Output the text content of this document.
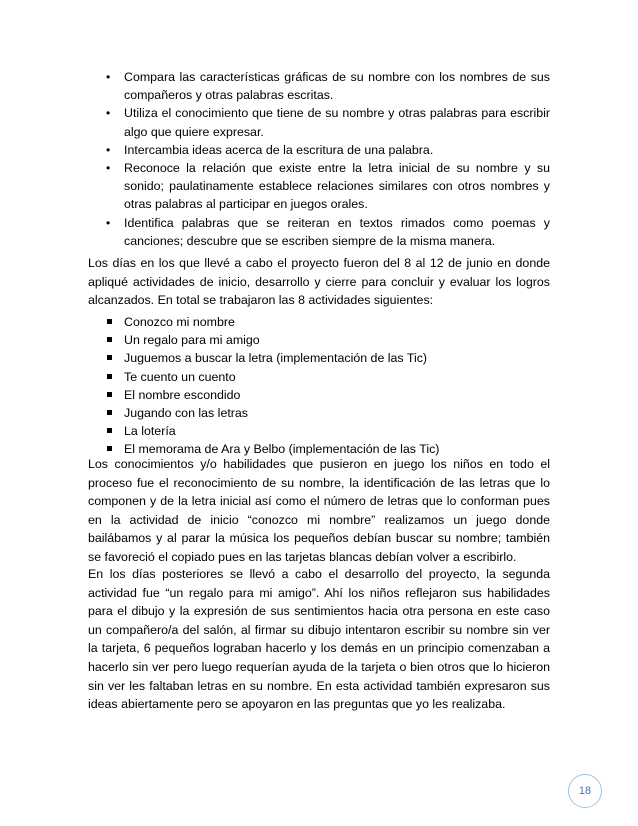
• Compara las características gráficas de su nombre con los nombres de sus compañeros y otras palabras escritas.
• Utiliza el conocimiento que tiene de su nombre y otras palabras para escribir algo que quiere expresar.
• Intercambia ideas acerca de la escritura de una palabra.
• Reconoce la relación que existe entre la letra inicial de su nombre y su sonido; paulatinamente establece relaciones similares con otros nombres y otras palabras al participar en juegos orales.
• Identifica palabras que se reiteran en textos rimados como poemas y canciones; descubre que se escriben siempre de la misma manera.

Los días en los que llevé a cabo el proyecto fueron del 8 al 12 de junio en donde apliqué actividades de inicio, desarrollo y cierre para concluir y evaluar los logros alcanzados. En total se trabajaron las 8 actividades siguientes:

Conozco mi nombre
Un regalo para mi amigo
Juguemos a buscar la letra (implementación de las Tic)
Te cuento un cuento
El nombre escondido
Jugando con las letras
La lotería
El memorama de Ara y Belbo (implementación de las Tic)

Los conocimientos y/o habilidades que pusieron en juego los niños en todo el proceso fue el reconocimiento de su nombre, la identificación de las letras que lo componen y de la letra inicial así como el número de letras que lo conforman pues en la actividad de inicio “conozco mi nombre” realizamos un juego donde bailábamos y al parar la música los pequeños debían buscar su nombre; también se favoreció el copiado pues en las tarjetas blancas debían volver a escribirlo.

En los días posteriores se llevó a cabo el desarrollo del proyecto, la segunda actividad fue “un regalo para mi amigo”. Ahí los niños reflejaron sus habilidades para el dibujo y la expresión de sus sentimientos hacia otra persona en este caso un compañero/a del salón, al firmar su dibujo intentaron escribir su nombre sin ver la tarjeta, 6 pequeños lograban hacerlo y los demás en un principio comenzaban a hacerlo sin ver pero luego requerían ayuda de la tarjeta o bien otros que lo hicieron sin ver les faltaban letras en su nombre. En esta actividad también expresaron sus ideas abiertamente pero se apoyaron en las preguntas que yo les realizaba.

18
